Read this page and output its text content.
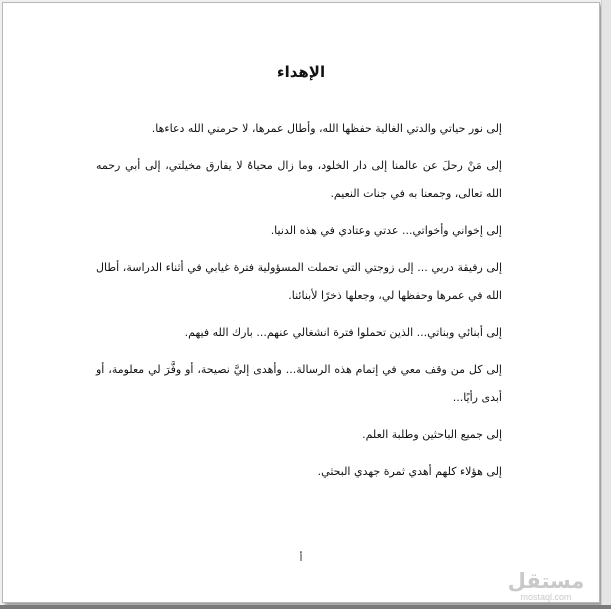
الإهداء

إلى نور حياتي والدتي الغالية حفظها الله، وأطال عمرها، لا حرمني الله دعاءها.

إلى مَنْ رحلَ عن عالمنا إلى دار الخلود، وما زال محياهُ لا يفارق مخيلتي، إلى أبي رحمه الله تعالى، وجمعنا به في جنات النعيم.

إلى إخواني وأخواتي... عدتي وعتادي في هذه الدنيا.

إلى رفيقة دربي ... إلى زوجتي التي تحملت المسؤولية فترة غيابي في أثناء الدراسة، أطال الله في عمرها وحفظها لي، وجعلها ذخرًا لأبنائنا.

إلى أبنائي وبناتي... الذين تحملوا فترة انشغالي عنهم... بارك الله فيهم.

إلى كل من وقف معي في إتمام هذه الرسالة... وأهدى إليَّ نصيحة، أو وفَّرَ لي معلومة، أو أبدى رأيًا...

إلى جميع الباحثين وطلبة العلم.

إلى هؤلاء كلهم أهدي ثمرة جهدي البحثي.

أ
مستقل
mostaql.com
